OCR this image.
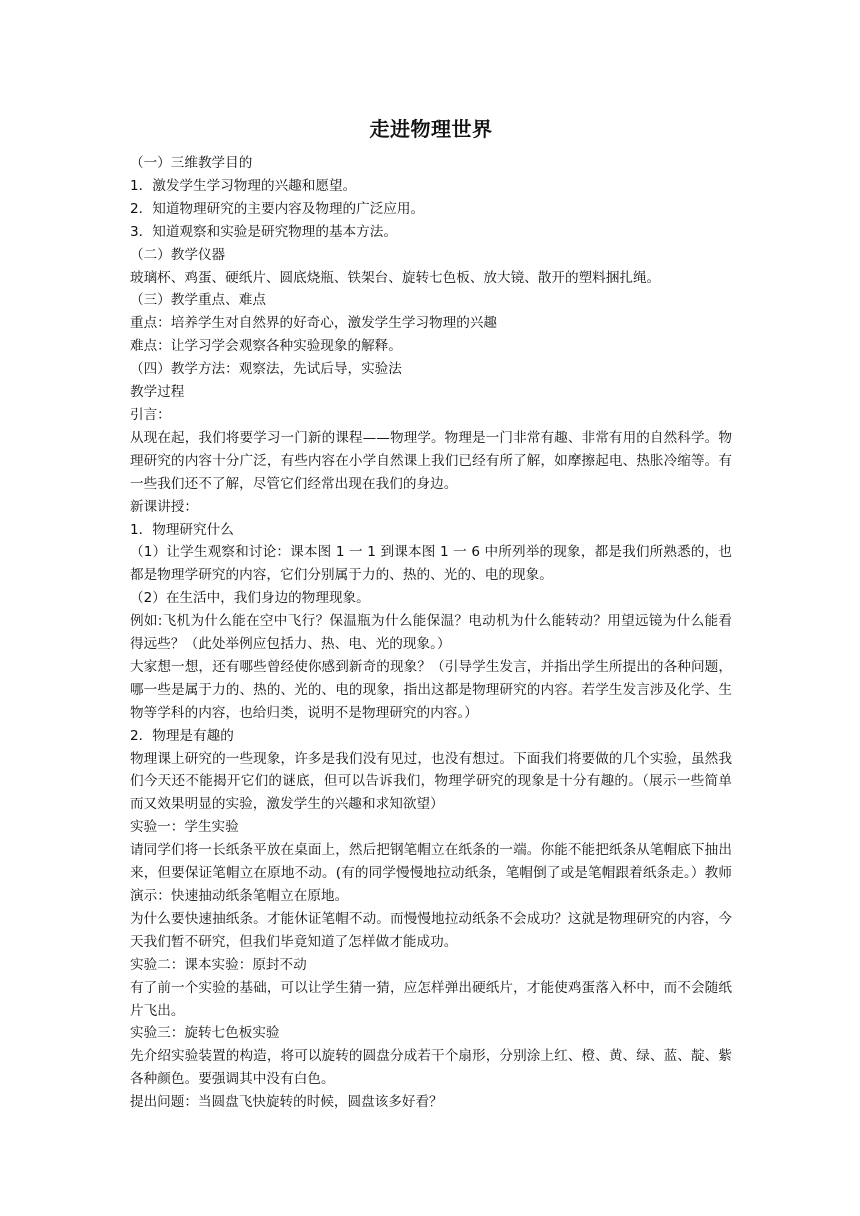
走进物理世界

（一）三维教学目的

1．激发学生学习物理的兴趣和愿望。

2．知道物理研究的主要内容及物理的广泛应用。

3．知道观察和实验是研究物理的基本方法。

（二）教学仪器

玻璃杯、鸡蛋、硬纸片、圆底烧瓶、铁架台、旋转七色板、放大镜、散开的塑料捆扎绳。

（三）教学重点、难点

重点：培养学生对自然界的好奇心，激发学生学习物理的兴趣

难点：让学习学会观察各种实验现象的解释。

（四）教学方法：观察法，先试后导，实验法

教学过程

引言：

从现在起，我们将要学习一门新的课程——物理学。物理是一门非常有趣、非常有用的自然科学。物理研究的内容十分广泛，有些内容在小学自然课上我们已经有所了解，如摩擦起电、热胀冷缩等。有一些我们还不了解，尽管它们经常出现在我们的身边。

新课讲授：

1．物理研究什么

（1）让学生观察和讨论：课本图 1 一 1 到课本图 1 一 6 中所列举的现象，都是我们所熟悉的，也都是物理学研究的内容，它们分别属于力的、热的、光的、电的现象。

（2）在生活中，我们身边的物理现象。

例如:飞机为什么能在空中飞行？保温瓶为什么能保温？电动机为什么能转动？用望远镜为什么能看得远些？（此处举例应包括力、热、电、光的现象。）

大家想一想，还有哪些曾经使你感到新奇的现象？（引导学生发言，并指出学生所提出的各种问题，哪一些是属于力的、热的、光的、电的现象，指出这都是物理研究的内容。若学生发言涉及化学、生物等学科的内容，也给归类，说明不是物理研究的内容。）

2．物理是有趣的

物理课上研究的一些现象，许多是我们没有见过，也没有想过。下面我们将要做的几个实验，虽然我们今天还不能揭开它们的谜底，但可以告诉我们，物理学研究的现象是十分有趣的。（展示一些简单而又效果明显的实验，激发学生的兴趣和求知欲望）

实验一：学生实验

请同学们将一长纸条平放在桌面上，然后把钢笔帽立在纸条的一端。你能不能把纸条从笔帽底下抽出来，但要保证笔帽立在原地不动。(有的同学慢慢地拉动纸条，笔帽倒了或是笔帽跟着纸条走。）教师演示：快速抽动纸条笔帽立在原地。

为什么要快速抽纸条。才能休证笔帽不动。而慢慢地拉动纸条不会成功？这就是物理研究的内容，今天我们暂不研究，但我们毕竟知道了怎样做才能成功。

实验二：课本实验：原封不动

有了前一个实验的基础，可以让学生猜一猜，应怎样弹出硬纸片，才能使鸡蛋落入杯中，而不会随纸片飞出。

实验三：旋转七色板实验

先介绍实验装置的构造，将可以旋转的圆盘分成若干个扇形，分别涂上红、橙、黄、绿、蓝、靛、紫各种颜色。要强调其中没有白色。

提出问题：当圆盘飞快旋转的时候，圆盘该多好看？
